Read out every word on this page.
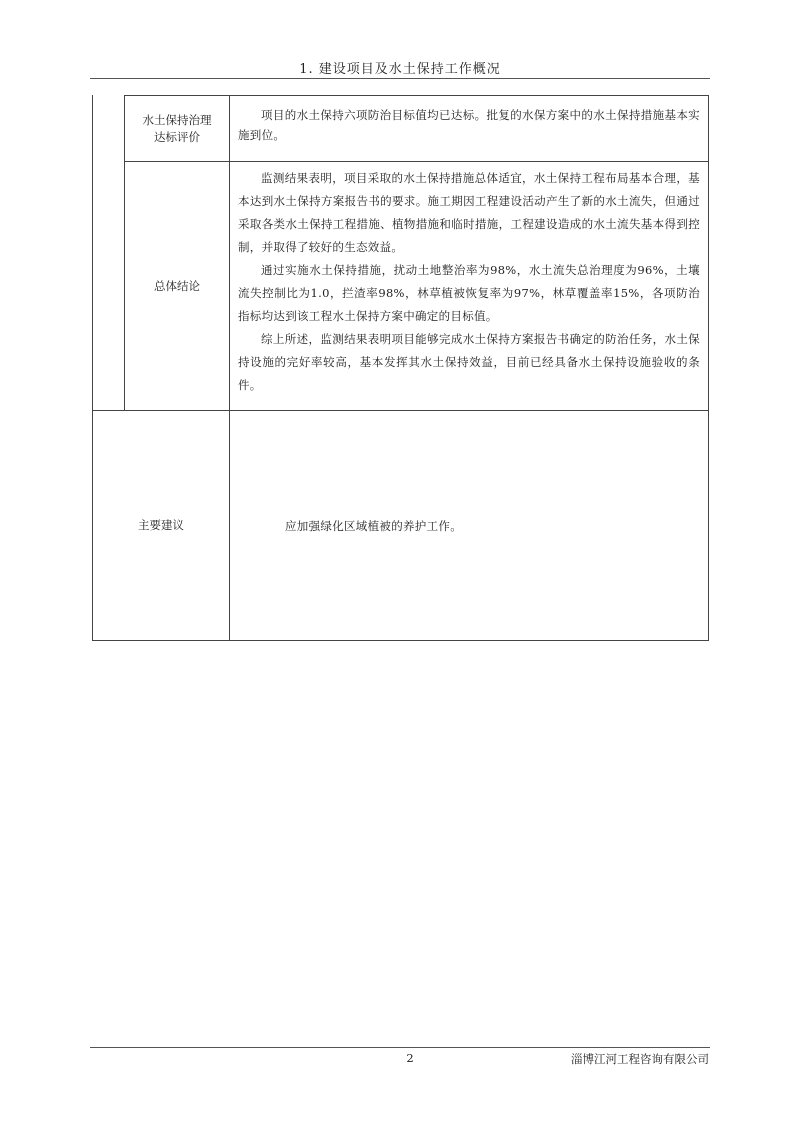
1. 建设项目及水土保持工作概况
水土保持治理达标评价

项目的水土保持六项防治目标值均已达标。批复的水保方案中的水土保持措施基本实施到位。

总体结论

监测结果表明，项目采取的水土保持措施总体适宜，水土保持工程布局基本合理，基本达到水土保持方案报告书的要求。施工期因工程建设活动产生了新的水土流失，但通过采取各类水土保持工程措施、植物措施和临时措施，工程建设造成的水土流失基本得到控制，并取得了较好的生态效益。

通过实施水土保持措施，扰动土地整治率为98%，水土流失总治理度为96%，土壤流失控制比为1.0，拦渣率98%，林草植被恢复率为97%，林草覆盖率15%，各项防治指标均达到该工程水土保持方案中确定的目标值。

综上所述，监测结果表明项目能够完成水土保持方案报告书确定的防治任务，水土保持设施的完好率较高，基本发挥其水土保持效益，目前已经具备水土保持设施验收的条件。

主要建议	应加强绿化区域植被的养护工作。

2	淄博江河工程咨询有限公司
